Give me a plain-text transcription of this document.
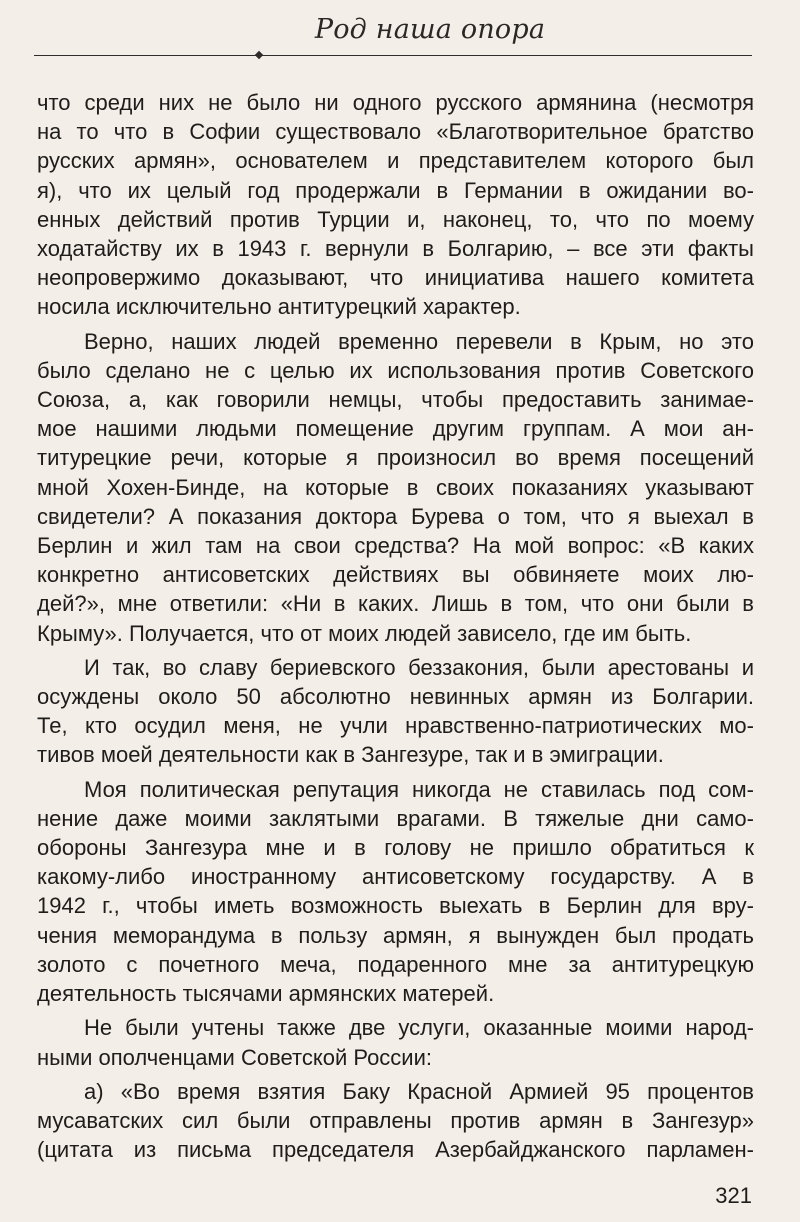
Род наша опора
что среди них не было ни одного русского армянина (несмотря
на то что в Софии существовало «Благотворительное братство
русских армян», основателем и представителем которого был
я), что их целый год продержали в Германии в ожидании во-
енных действий против Турции и, наконец, то, что по моему
ходатайству их в 1943 г. вернули в Болгарию, – все эти факты
неопровержимо доказывают, что инициатива нашего комитета
носила исключительно антитурецкий характер.
Верно, наших людей временно перевели в Крым, но это
было сделано не с целью их использования против Советского
Союза, а, как говорили немцы, чтобы предоставить занимае-
мое нашими людьми помещение другим группам. А мои ан-
титурецкие речи, которые я произносил во время посещений
мной Хохен-Бинде, на которые в своих показаниях указывают
свидетели? А показания доктора Бурева о том, что я выехал в
Берлин и жил там на свои средства? На мой вопрос: «В каких
конкретно антисоветских действиях вы обвиняете моих лю-
дей?», мне ответили: «Ни в каких. Лишь в том, что они были в
Крыму». Получается, что от моих людей зависело, где им быть.
И так, во славу бериевского беззакония, были арестованы и
осуждены около 50 абсолютно невинных армян из Болгарии.
Те, кто осудил меня, не учли нравственно-патриотических мо-
тивов моей деятельности как в Зангезуре, так и в эмиграции.
Моя политическая репутация никогда не ставилась под сом-
нение даже моими заклятыми врагами. В тяжелые дни само-
обороны Зангезура мне и в голову не пришло обратиться к
какому-либо иностранному антисоветскому государству. А в
1942 г., чтобы иметь возможность выехать в Берлин для вру-
чения меморандума в пользу армян, я вынужден был продать
золото с почетного меча, подаренного мне за антитурецкую
деятельность тысячами армянских матерей.
Не были учтены также две услуги, оказанные моими народ-
ными ополченцами Советской России:
а) «Во время взятия Баку Красной Армией 95 процентов
мусаватских сил были отправлены против армян в Зангезур»
(цитата из письма председателя Азербайджанского парламен-
321
